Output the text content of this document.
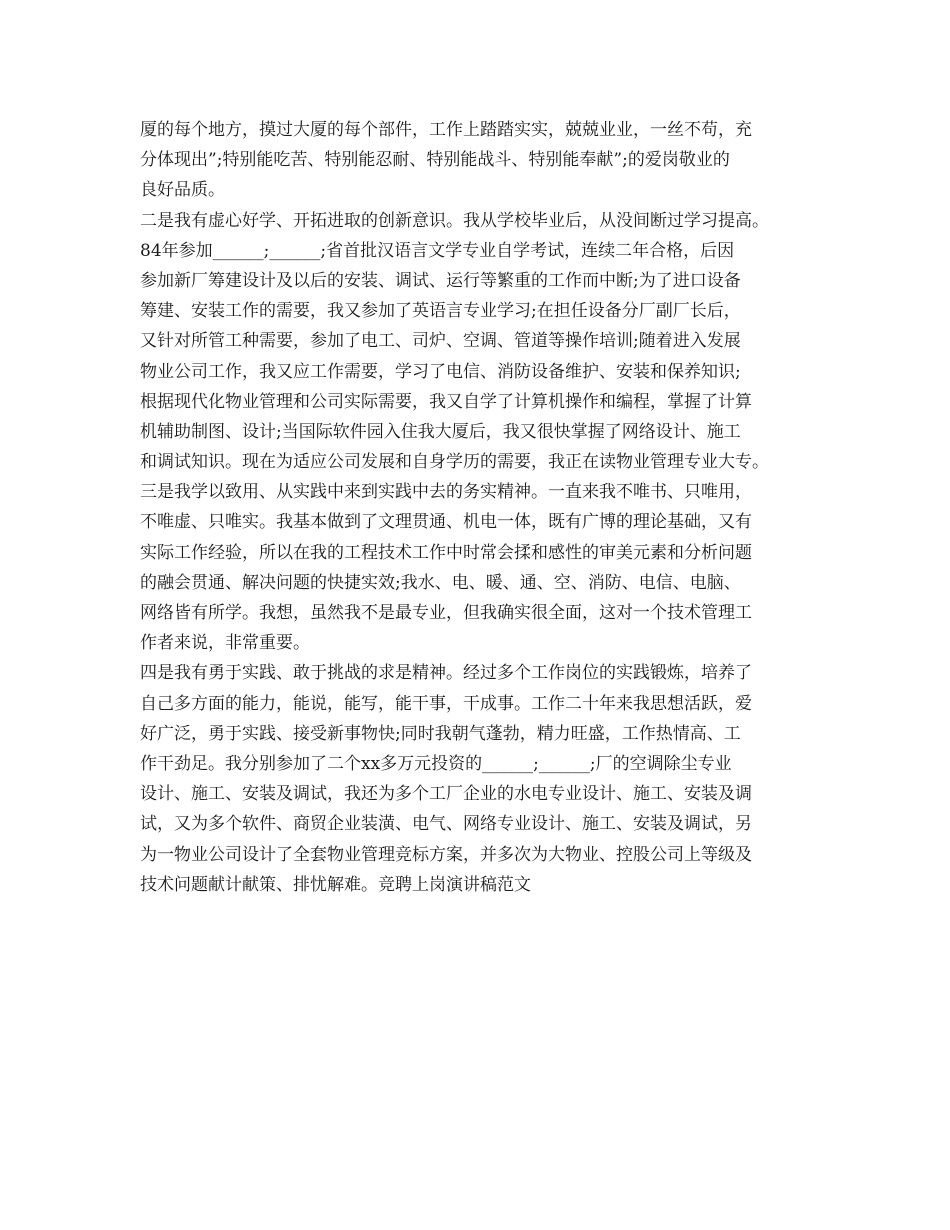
厦的每个地方，摸过大厦的每个部件，工作上踏踏实实，兢兢业业，一丝不苟，充
分体现出”;特别能吃苦、特别能忍耐、特别能战斗、特别能奉献”;的爱岗敬业的
良好品质。
二是我有虚心好学、开拓进取的创新意识。我从学校毕业后，从没间断过学习提高。
84年参加______;______;省首批汉语言文学专业自学考试，连续二年合格，后因
参加新厂筹建设计及以后的安装、调试、运行等繁重的工作而中断;为了进口设备
筹建、安装工作的需要，我又参加了英语言专业学习;在担任设备分厂副厂长后，
又针对所管工种需要，参加了电工、司炉、空调、管道等操作培训;随着进入发展
物业公司工作，我又应工作需要，学习了电信、消防设备维护、安装和保养知识;
根据现代化物业管理和公司实际需要，我又自学了计算机操作和编程，掌握了计算
机辅助制图、设计;当国际软件园入住我大厦后，我又很快掌握了网络设计、施工
和调试知识。现在为适应公司发展和自身学历的需要，我正在读物业管理专业大专。
三是我学以致用、从实践中来到实践中去的务实精神。一直来我不唯书、只唯用，
不唯虚、只唯实。我基本做到了文理贯通、机电一体，既有广博的理论基础，又有
实际工作经验，所以在我的工程技术工作中时常会揉和感性的审美元素和分析问题
的融会贯通、解决问题的快捷实效;我水、电、暖、通、空、消防、电信、电脑、
网络皆有所学。我想，虽然我不是最专业，但我确实很全面，这对一个技术管理工
作者来说，非常重要。
四是我有勇于实践、敢于挑战的求是精神。经过多个工作岗位的实践锻炼，培养了
自己多方面的能力，能说，能写，能干事，干成事。工作二十年来我思想活跃，爱
好广泛，勇于实践、接受新事物快;同时我朝气蓬勃，精力旺盛，工作热情高、工
作干劲足。我分别参加了二个xx多万元投资的______;______;厂的空调除尘专业
设计、施工、安装及调试，我还为多个工厂企业的水电专业设计、施工、安装及调
试，又为多个软件、商贸企业装潢、电气、网络专业设计、施工、安装及调试，另
为一物业公司设计了全套物业管理竞标方案，并多次为大物业、控股公司上等级及
技术问题献计献策、排忧解难。竞聘上岗演讲稿范文
